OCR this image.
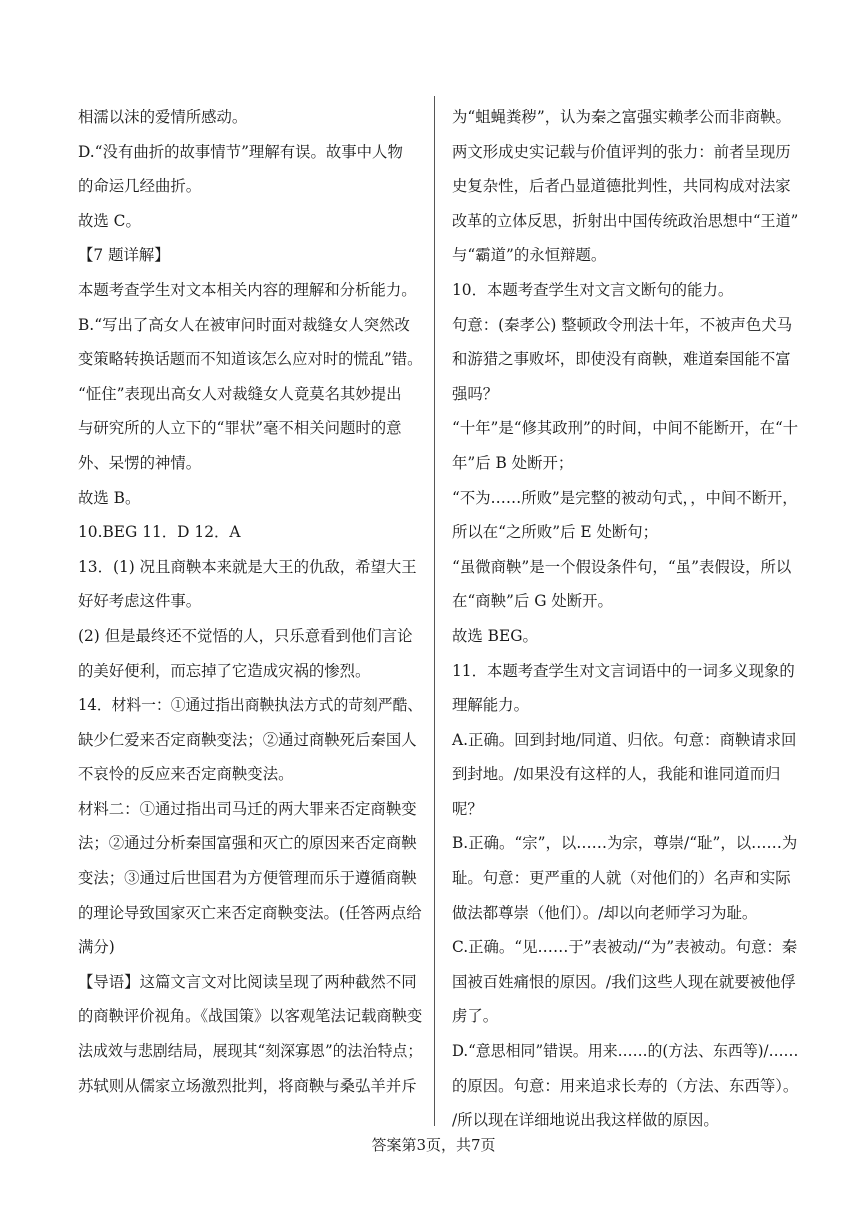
相濡以沫的爱情所感动。

D.“没有曲折的故事情节”理解有误。故事中人物

的命运几经曲折。

故选 C。

【7 题详解】

本题考查学生对文本相关内容的理解和分析能力。

B.“写出了高女人在被审问时面对裁缝女人突然改

变策略转换话题而不知道该怎么应对时的慌乱”错。

“怔住”表现出高女人对裁缝女人竟莫名其妙提出

与研究所的人立下的“罪状”毫不相关问题时的意

外、呆愣的神情。

故选 B。

10.BEG 11．D 12．A

13．(1) 况且商鞅本来就是大王的仇敌，希望大王

好好考虑这件事。

(2) 但是最终还不觉悟的人，只乐意看到他们言论

的美好便利，而忘掉了它造成灾祸的惨烈。

14．材料一：①通过指出商鞅执法方式的苛刻严酷、

缺少仁爱来否定商鞅变法；②通过商鞅死后秦国人

不哀怜的反应来否定商鞅变法。

材料二：①通过指出司马迁的两大罪来否定商鞅变

法；②通过分析秦国富强和灭亡的原因来否定商鞅

变法；③通过后世国君为方便管理而乐于遵循商鞅

的理论导致国家灭亡来否定商鞅变法。(任答两点给

满分)

【导语】这篇文言文对比阅读呈现了两种截然不同

的商鞅评价视角。《战国策》以客观笔法记载商鞅变

法成效与悲剧结局，展现其“刻深寡恩”的法治特点；

苏轼则从儒家立场激烈批判，将商鞅与桑弘羊并斥

为“蛆蝇粪秽”，认为秦之富强实赖孝公而非商鞅。

两文形成史实记载与价值评判的张力：前者呈现历

史复杂性，后者凸显道德批判性，共同构成对法家

改革的立体反思，折射出中国传统政治思想中“王道”

与“霸道”的永恒辩题。

10．本题考查学生对文言文断句的能力。

句意：(秦孝公) 整顿政令刑法十年，不被声色犬马

和游猎之事败坏，即使没有商鞅，难道秦国能不富

强吗？

“十年”是“修其政刑”的时间，中间不能断开，在“十

年”后 B 处断开；

“不为……所败”是完整的被动句式，，中间不断开，

所以在“之所败”后 E 处断句；

“虽微商鞅”是一个假设条件句，“虽”表假设，所以

在“商鞅”后 G 处断开。

故选 BEG。

11．本题考查学生对文言词语中的一词多义现象的

理解能力。

A.正确。回到封地/同道、归依。句意：商鞅请求回

到封地。/如果没有这样的人，我能和谁同道而归

呢？

B.正确。“宗”，以……为宗，尊崇/“耻”，以……为

耻。句意：更严重的人就（对他们的）名声和实际

做法都尊崇（他们）。/却以向老师学习为耻。

C.正确。“见……于”表被动/“为”表被动。句意：秦

国被百姓痛恨的原因。/我们这些人现在就要被他俘

虏了。

D.“意思相同”错误。用来……的(方法、东西等)/……

的原因。句意：用来追求长寿的（方法、东西等）。

/所以现在详细地说出我这样做的原因。

答案第3页，共7页
